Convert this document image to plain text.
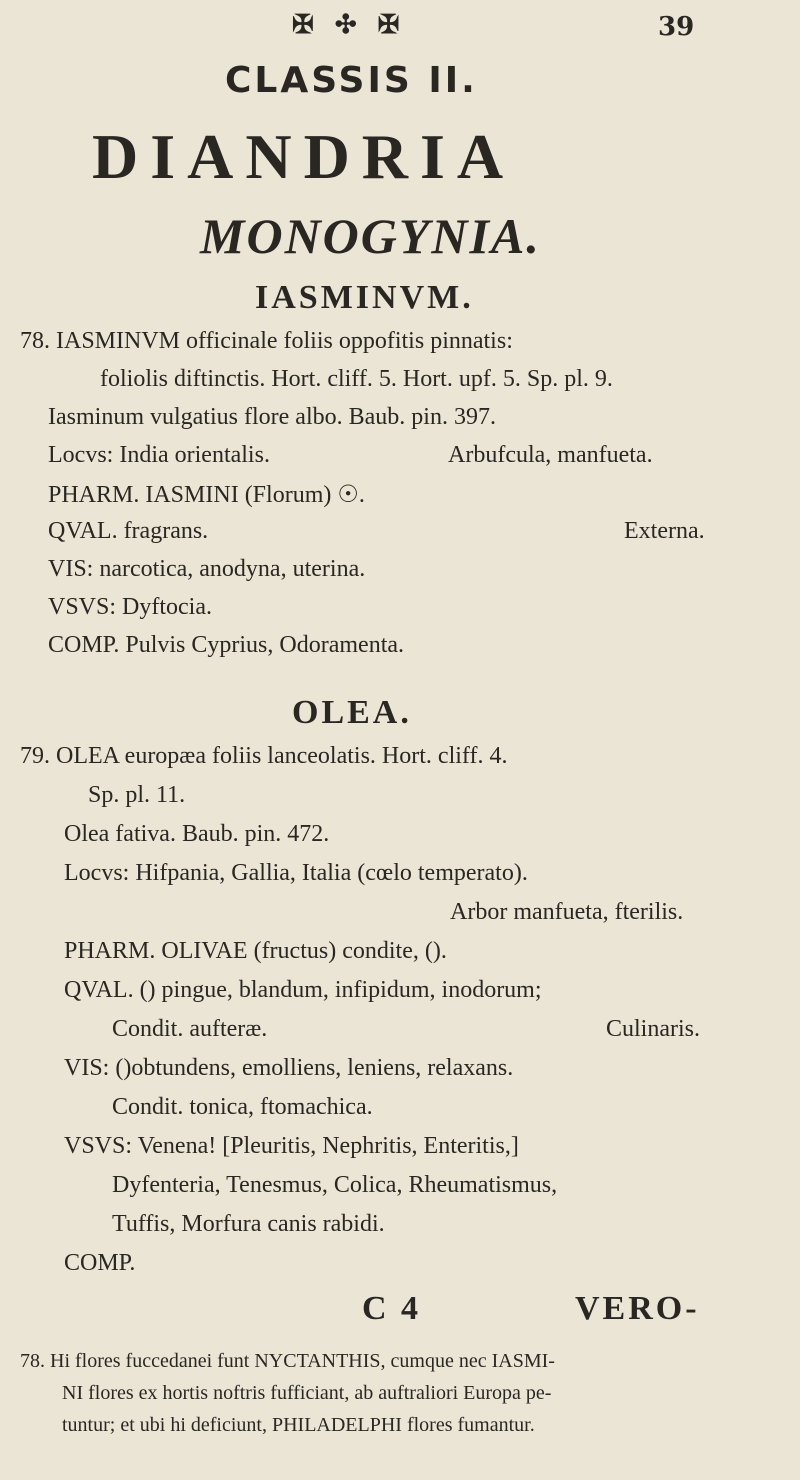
✠ ✣ ✠	39
CLASSIS II.
DIANDRIA
MONOGYNIA.
IASMINVM.
78. IASMINVM officinale foliis oppofitis pinnatis:
foliolis diftinctis. Hort. cliff. 5. Hort. upf. 5. Sp. pl. 9.
Iasminum vulgatius flore albo. Baub. pin. 397.
Locvs: India orientalis.	Arbufcula, manfueta.
PHARM. IASMINI (Florum) ☉.
QVAL. fragrans.	Externa.
VIS: narcotica, anodyna, uterina.
VSVS: Dyftocia.
COMP. Pulvis Cyprius, Odoramenta.
OLEA.
79. OLEA europæa foliis lanceolatis. Hort. cliff. 4.
Sp. pl. 11.
Olea fativa. Baub. pin. 472.
Locvs: Hifpania, Gallia, Italia (cœlo temperato).
Arbor manfueta, fterilis.
PHARM. OLIVAE (fructus) condite, ().
QVAL. () pingue, blandum, infipidum, inodorum;
Condit. aufteræ.	Culinaris.
VIS: ()obtundens, emolliens, leniens, relaxans.
Condit. tonica, ftomachica.
VSVS: Venena! [Pleuritis, Nephritis, Enteritis,]
Dyfenteria, Tenesmus, Colica, Rheumatismus,
Tuffis, Morfura canis rabidi.
COMP.
C 4	VERO-
78. Hi flores fuccedanei funt NYCTANTHIS, cumque nec IASMI-
NI flores ex hortis noftris fufficiant, ab auftraliori Europa pe-
tuntur; et ubi hi deficiunt, PHILADELPHI flores fumantur.
